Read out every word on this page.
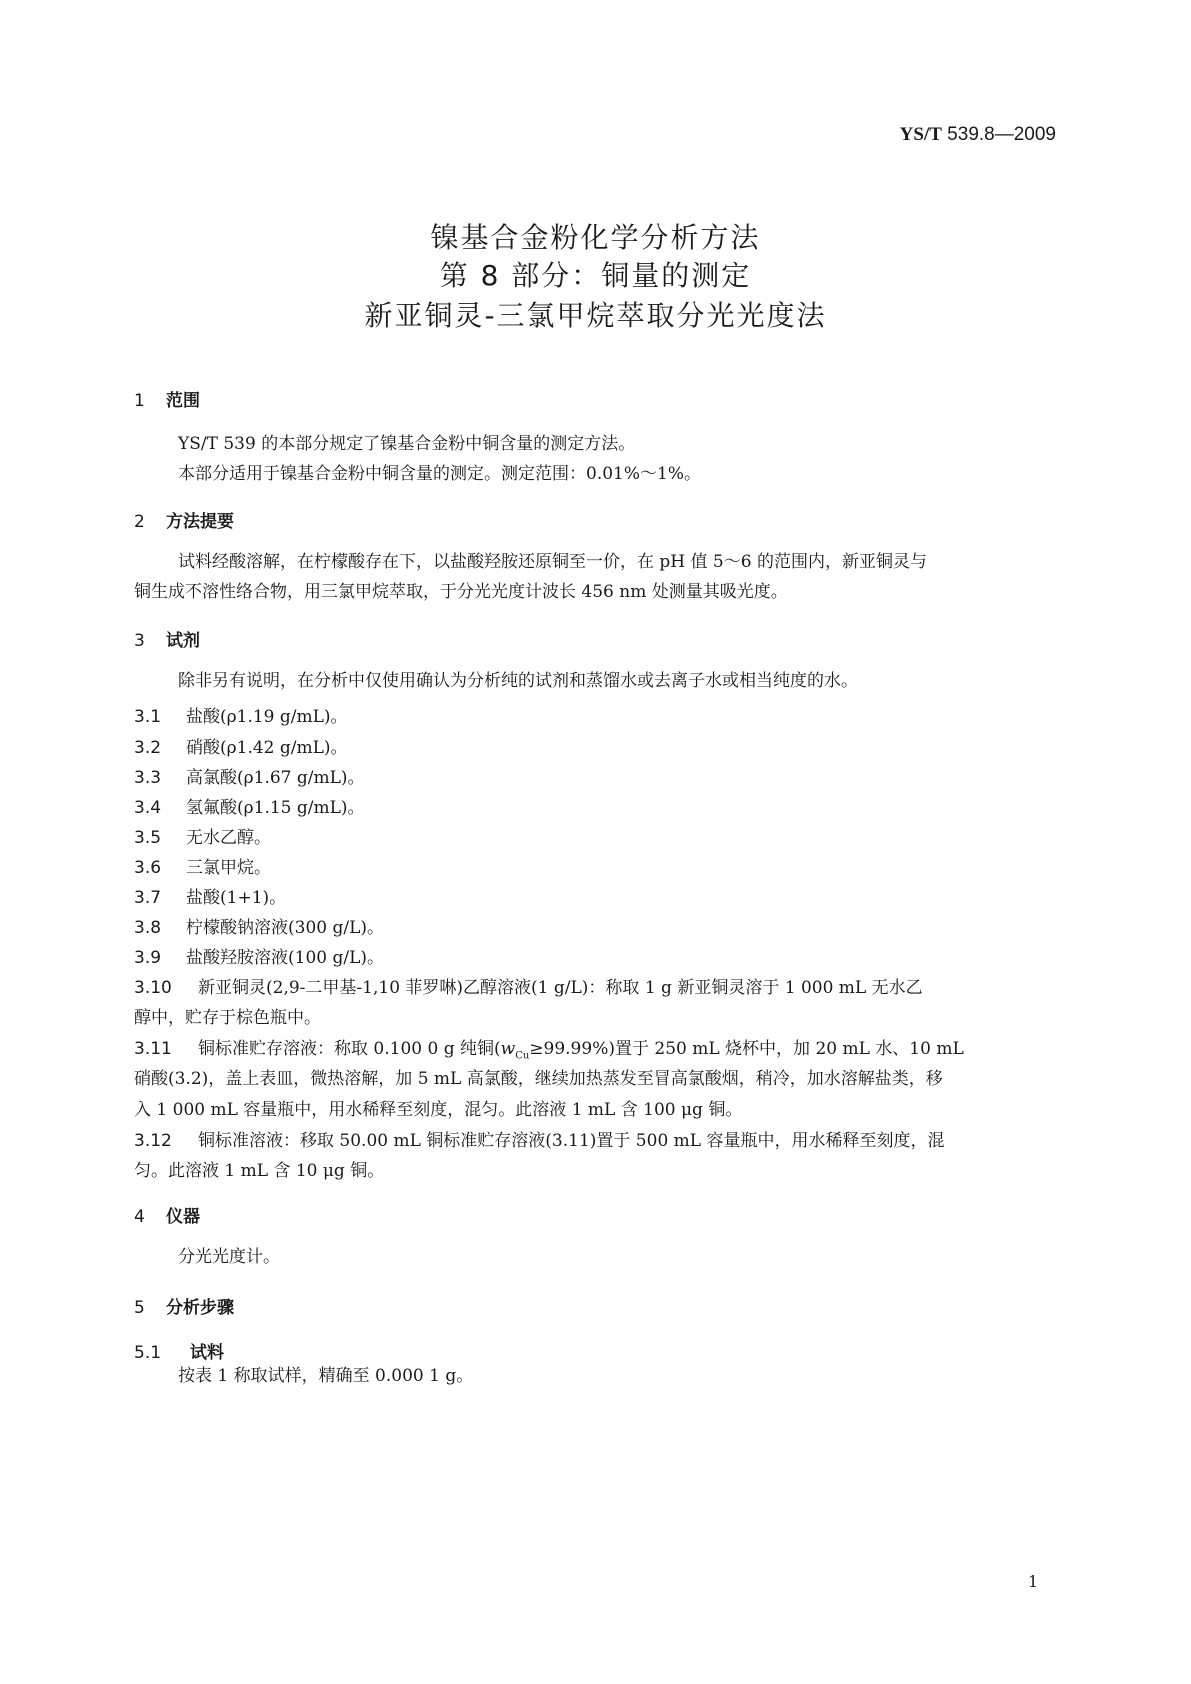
YS/T 539.8—2009
镍基合金粉化学分析方法
第 8 部分：铜量的测定
新亚铜灵-三氯甲烷萃取分光光度法
1 范围
YS/T 539 的本部分规定了镍基合金粉中铜含量的测定方法。
本部分适用于镍基合金粉中铜含量的测定。测定范围：0.01%～1%。
2 方法提要
试料经酸溶解，在柠檬酸存在下，以盐酸羟胺还原铜至一价，在 pH 值 5～6 的范围内，新亚铜灵与
铜生成不溶性络合物，用三氯甲烷萃取，于分光光度计波长 456 nm 处测量其吸光度。
3 试剂
除非另有说明，在分析中仅使用确认为分析纯的试剂和蒸馏水或去离子水或相当纯度的水。
3.1 盐酸(ρ1.19 g/mL)。
3.2 硝酸(ρ1.42 g/mL)。
3.3 高氯酸(ρ1.67 g/mL)。
3.4 氢氟酸(ρ1.15 g/mL)。
3.5 无水乙醇。
3.6 三氯甲烷。
3.7 盐酸(1+1)。
3.8 柠檬酸钠溶液(300 g/L)。
3.9 盐酸羟胺溶液(100 g/L)。
3.10 新亚铜灵(2,9-二甲基-1,10 菲罗啉)乙醇溶液(1 g/L)：称取 1 g 新亚铜灵溶于 1 000 mL 无水乙
醇中，贮存于棕色瓶中。
3.11 铜标准贮存溶液：称取 0.100 0 g 纯铜$(w_{Cu}\ge 99.99\%)$置于 250 mL 烧杯中，加 20 mL 水、10 mL
硝酸(3.2)，盖上表皿，微热溶解，加 5 mL 高氯酸，继续加热蒸发至冒高氯酸烟，稍冷，加水溶解盐类，移
入 1 000 mL 容量瓶中，用水稀释至刻度，混匀。此溶液 1 mL 含 100 μg 铜。
3.12 铜标准溶液：移取 50.00 mL 铜标准贮存溶液(3.11)置于 500 mL 容量瓶中，用水稀释至刻度，混
匀。此溶液 1 mL 含 10 μg 铜。
4 仪器
分光光度计。
5 分析步骤
5.1 试料
按表 1 称取试样，精确至 0.000 1 g。
1
